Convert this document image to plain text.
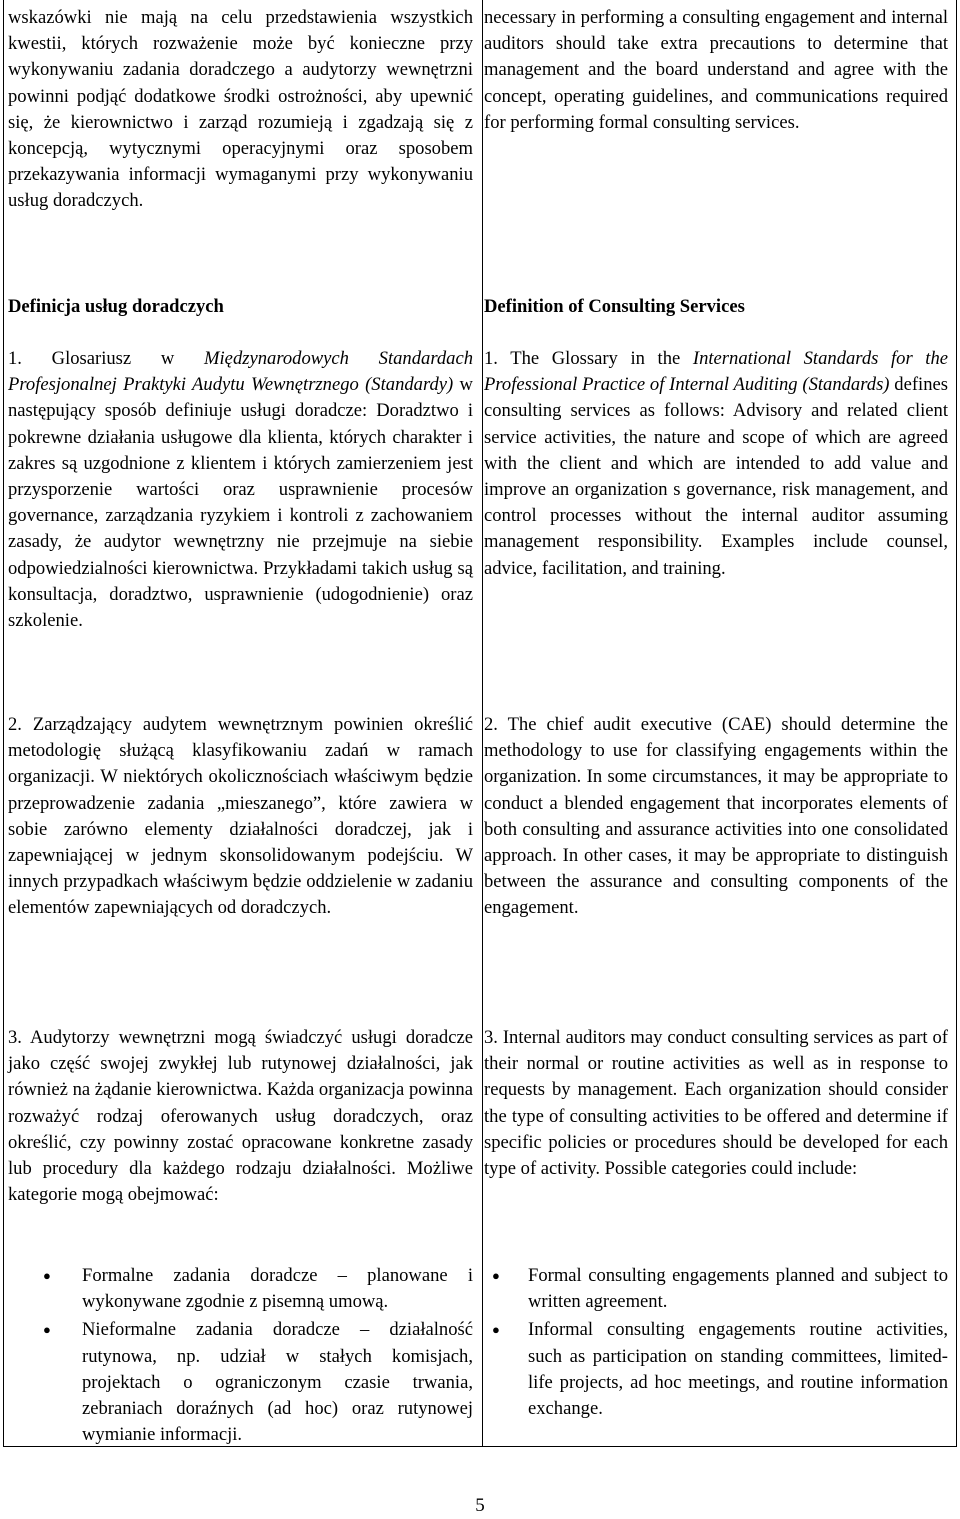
wskazówki nie mają na celu przedstawienia wszystkich kwestii, których rozważenie może być konieczne przy wykonywaniu zadania doradczego a audytorzy wewnętrzni powinni podjąć dodatkowe środki ostrożności, aby upewnić się, że kierownictwo i zarząd rozumieją i zgadzają się z koncepcją, wytycznymi operacyjnymi oraz sposobem przekazywania informacji wymaganymi przy wykonywaniu usług doradczych.

Definicja usług doradczych

1. Glosariusz w Międzynarodowych Standardach Profesjonalnej Praktyki Audytu Wewnętrznego (Standardy) w następujący sposób definiuje usługi doradcze: Doradztwo i pokrewne działania usługowe dla klienta, których charakter i zakres są uzgodnione z klientem i których zamierzeniem jest przysporzenie wartości oraz usprawnienie procesów governance, zarządzania ryzykiem i kontroli z zachowaniem zasady, że audytor wewnętrzny nie przejmuje na siebie odpowiedzialności kierownictwa. Przykładami takich usług są konsultacja, doradztwo, usprawnienie (udogodnienie) oraz szkolenie.

2. Zarządzający audytem wewnętrznym powinien określić metodologię służącą klasyfikowaniu zadań w ramach organizacji. W niektórych okolicznościach właściwym będzie przeprowadzenie zadania „mieszanego”, które zawiera w sobie zarówno elementy działalności doradczej, jak i zapewniającej w jednym skonsolidowanym podejściu. W innych przypadkach właściwym będzie oddzielenie w zadaniu elementów zapewniających od doradczych.

3. Audytorzy wewnętrzni mogą świadczyć usługi doradcze jako część swojej zwykłej lub rutynowej działalności, jak również na żądanie kierownictwa. Każda organizacja powinna rozważyć rodzaj oferowanych usług doradczych, oraz określić, czy powinny zostać opracowane konkretne zasady lub procedury dla każdego rodzaju działalności. Możliwe kategorie mogą obejmować:

● Formalne zadania doradcze – planowane i wykonywane zgodnie z pisemną umową.
● Nieformalne zadania doradcze – działalność rutynowa, np. udział w stałych komisjach, projektach o ograniczonym czasie trwania, zebraniach doraźnych (ad hoc) oraz rutynowej wymianie informacji.

necessary in performing a consulting engagement and internal auditors should take extra precautions to determine that management and the board understand and agree with the concept, operating guidelines, and communications required for performing formal consulting services.

Definition of Consulting Services

1. The Glossary in the International Standards for the Professional Practice of Internal Auditing (Standards) defines consulting services as follows: Advisory and related client service activities, the nature and scope of which are agreed with the client and which are intended to add value and improve an organization s governance, risk management, and control processes without the internal auditor assuming management responsibility. Examples include counsel, advice, facilitation, and training.

2. The chief audit executive (CAE) should determine the methodology to use for classifying engagements within the organization. In some circumstances, it may be appropriate to conduct a blended engagement that incorporates elements of both consulting and assurance activities into one consolidated approach. In other cases, it may be appropriate to distinguish between the assurance and consulting components of the engagement.

3. Internal auditors may conduct consulting services as part of their normal or routine activities as well as in response to requests by management. Each organization should consider the type of consulting activities to be offered and determine if specific policies or procedures should be developed for each type of activity. Possible categories could include:

● Formal consulting engagements planned and subject to written agreement.
● Informal consulting engagements routine activities, such as participation on standing committees, limited-life projects, ad hoc meetings, and routine information exchange.
5
